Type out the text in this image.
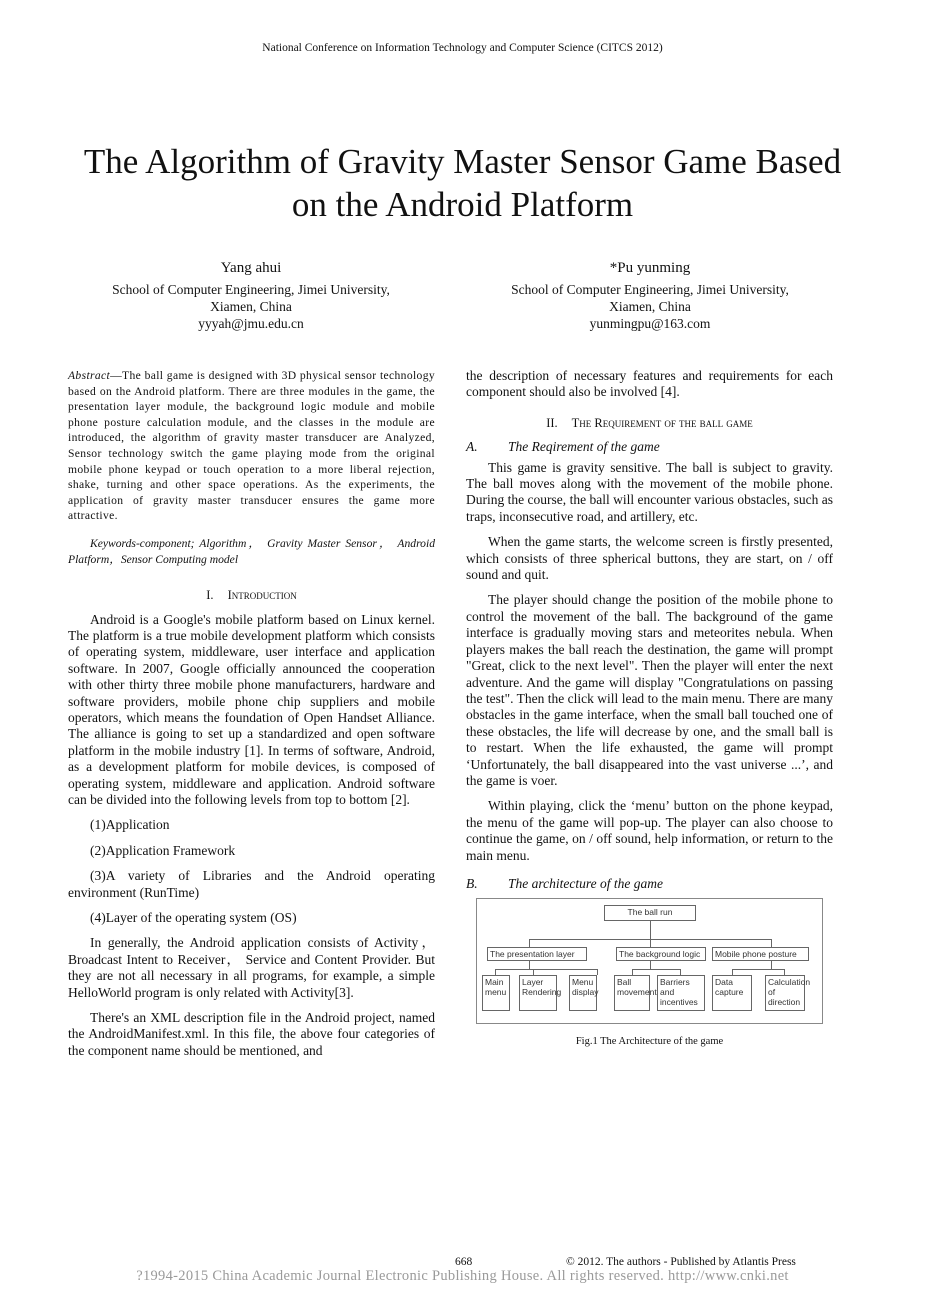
National Conference on Information Technology and Computer Science (CITCS 2012)
The Algorithm of Gravity Master Sensor Game Based
on the Android Platform
Yang ahui
School of Computer Engineering, Jimei University,
Xiamen, China
yyyah@jmu.edu.cn
*Pu yunming
School of Computer Engineering, Jimei University,
Xiamen, China
yunmingpu@163.com

Abstract—The ball game is designed with 3D physical sensor technology based on the Android platform. There are three modules in the game, the presentation layer module, the background logic module and mobile phone posture calculation module, and the classes in the module are introduced, the algorithm of gravity master transducer are Analyzed, Sensor technology switch the game playing mode from the original mobile phone keypad or touch operation to a more liberal rejection, shake, turning and other space operations. As the experiments, the application of gravity master transducer ensures the game more attractive.

Keywords-component; Algorithm， Gravity Master Sensor， Android Platform，Sensor Computing model

I. Introduction

Android is a Google's mobile platform based on Linux kernel. The platform is a true mobile development platform which consists of operating system, middleware, user interface and application software. In 2007, Google officially announced the cooperation with other thirty three mobile phone manufacturers, hardware and software providers, mobile phone chip suppliers and mobile operators, which means the foundation of Open Handset Alliance. The alliance is going to set up a standardized and open software platform in the mobile industry [1]. In terms of software, Android, as a development platform for mobile devices, is composed of operating system, middleware and application. Android software can be divided into the following levels from top to bottom [2].

(1)Application

(2)Application Framework

(3)A variety of Libraries and the Android operating environment (RunTime)

(4)Layer of the operating system (OS)

In generally, the Android application consists of Activity， Broadcast Intent to Receiver， Service and Content Provider. But they are not all necessary in all programs, for example, a simple HelloWorld program is only related with Activity[3].

There's an XML description file in the Android project, named the AndroidManifest.xml. In this file, the above four categories of the component name should be mentioned, and

the description of necessary features and requirements for each component should also be involved [4].

II. The Requirement of the ball game
A. The Reqirement of the game

This game is gravity sensitive. The ball is subject to gravity. The ball moves along with the movement of the mobile phone. During the course, the ball will encounter various obstacles, such as traps, inconsecutive road, and artillery, etc.

When the game starts, the welcome screen is firstly presented, which consists of three spherical buttons, they are start, on / off sound and quit.

The player should change the position of the mobile phone to control the movement of the ball. The background of the game interface is gradually moving stars and meteorites nebula. When players makes the ball reach the destination, the game will prompt "Great, click to the next level". Then the player will enter the next adventure. And the game will display "Congratulations on passing the test". Then the click will lead to the main menu. There are many obstacles in the game interface, when the small ball touched one of these obstacles, the life will decrease by one, and the small ball is to restart. When the life exhausted, the game will prompt ‘Unfortunately, the ball disappeared into the vast universe ...’, and the game is voer.

Within playing, click the ‘menu’ button on the phone keypad, the menu of the game will pop-up. The player can also choose to continue the game, on / off sound, help information, or return to the main menu.

B. The architecture of the game
The ball run
The presentation layer	The background logic	Mobile phone posture
Main menu
Layer Rendering
Menu display
Ball movement
Barriers and incentives
Data capture
Calculation of direction
Fig.1 The Architecture of the game
668	© 2012. The authors - Published by Atlantis Press
?1994-2015 China Academic Journal Electronic Publishing House. All rights reserved. http://www.cnki.net
